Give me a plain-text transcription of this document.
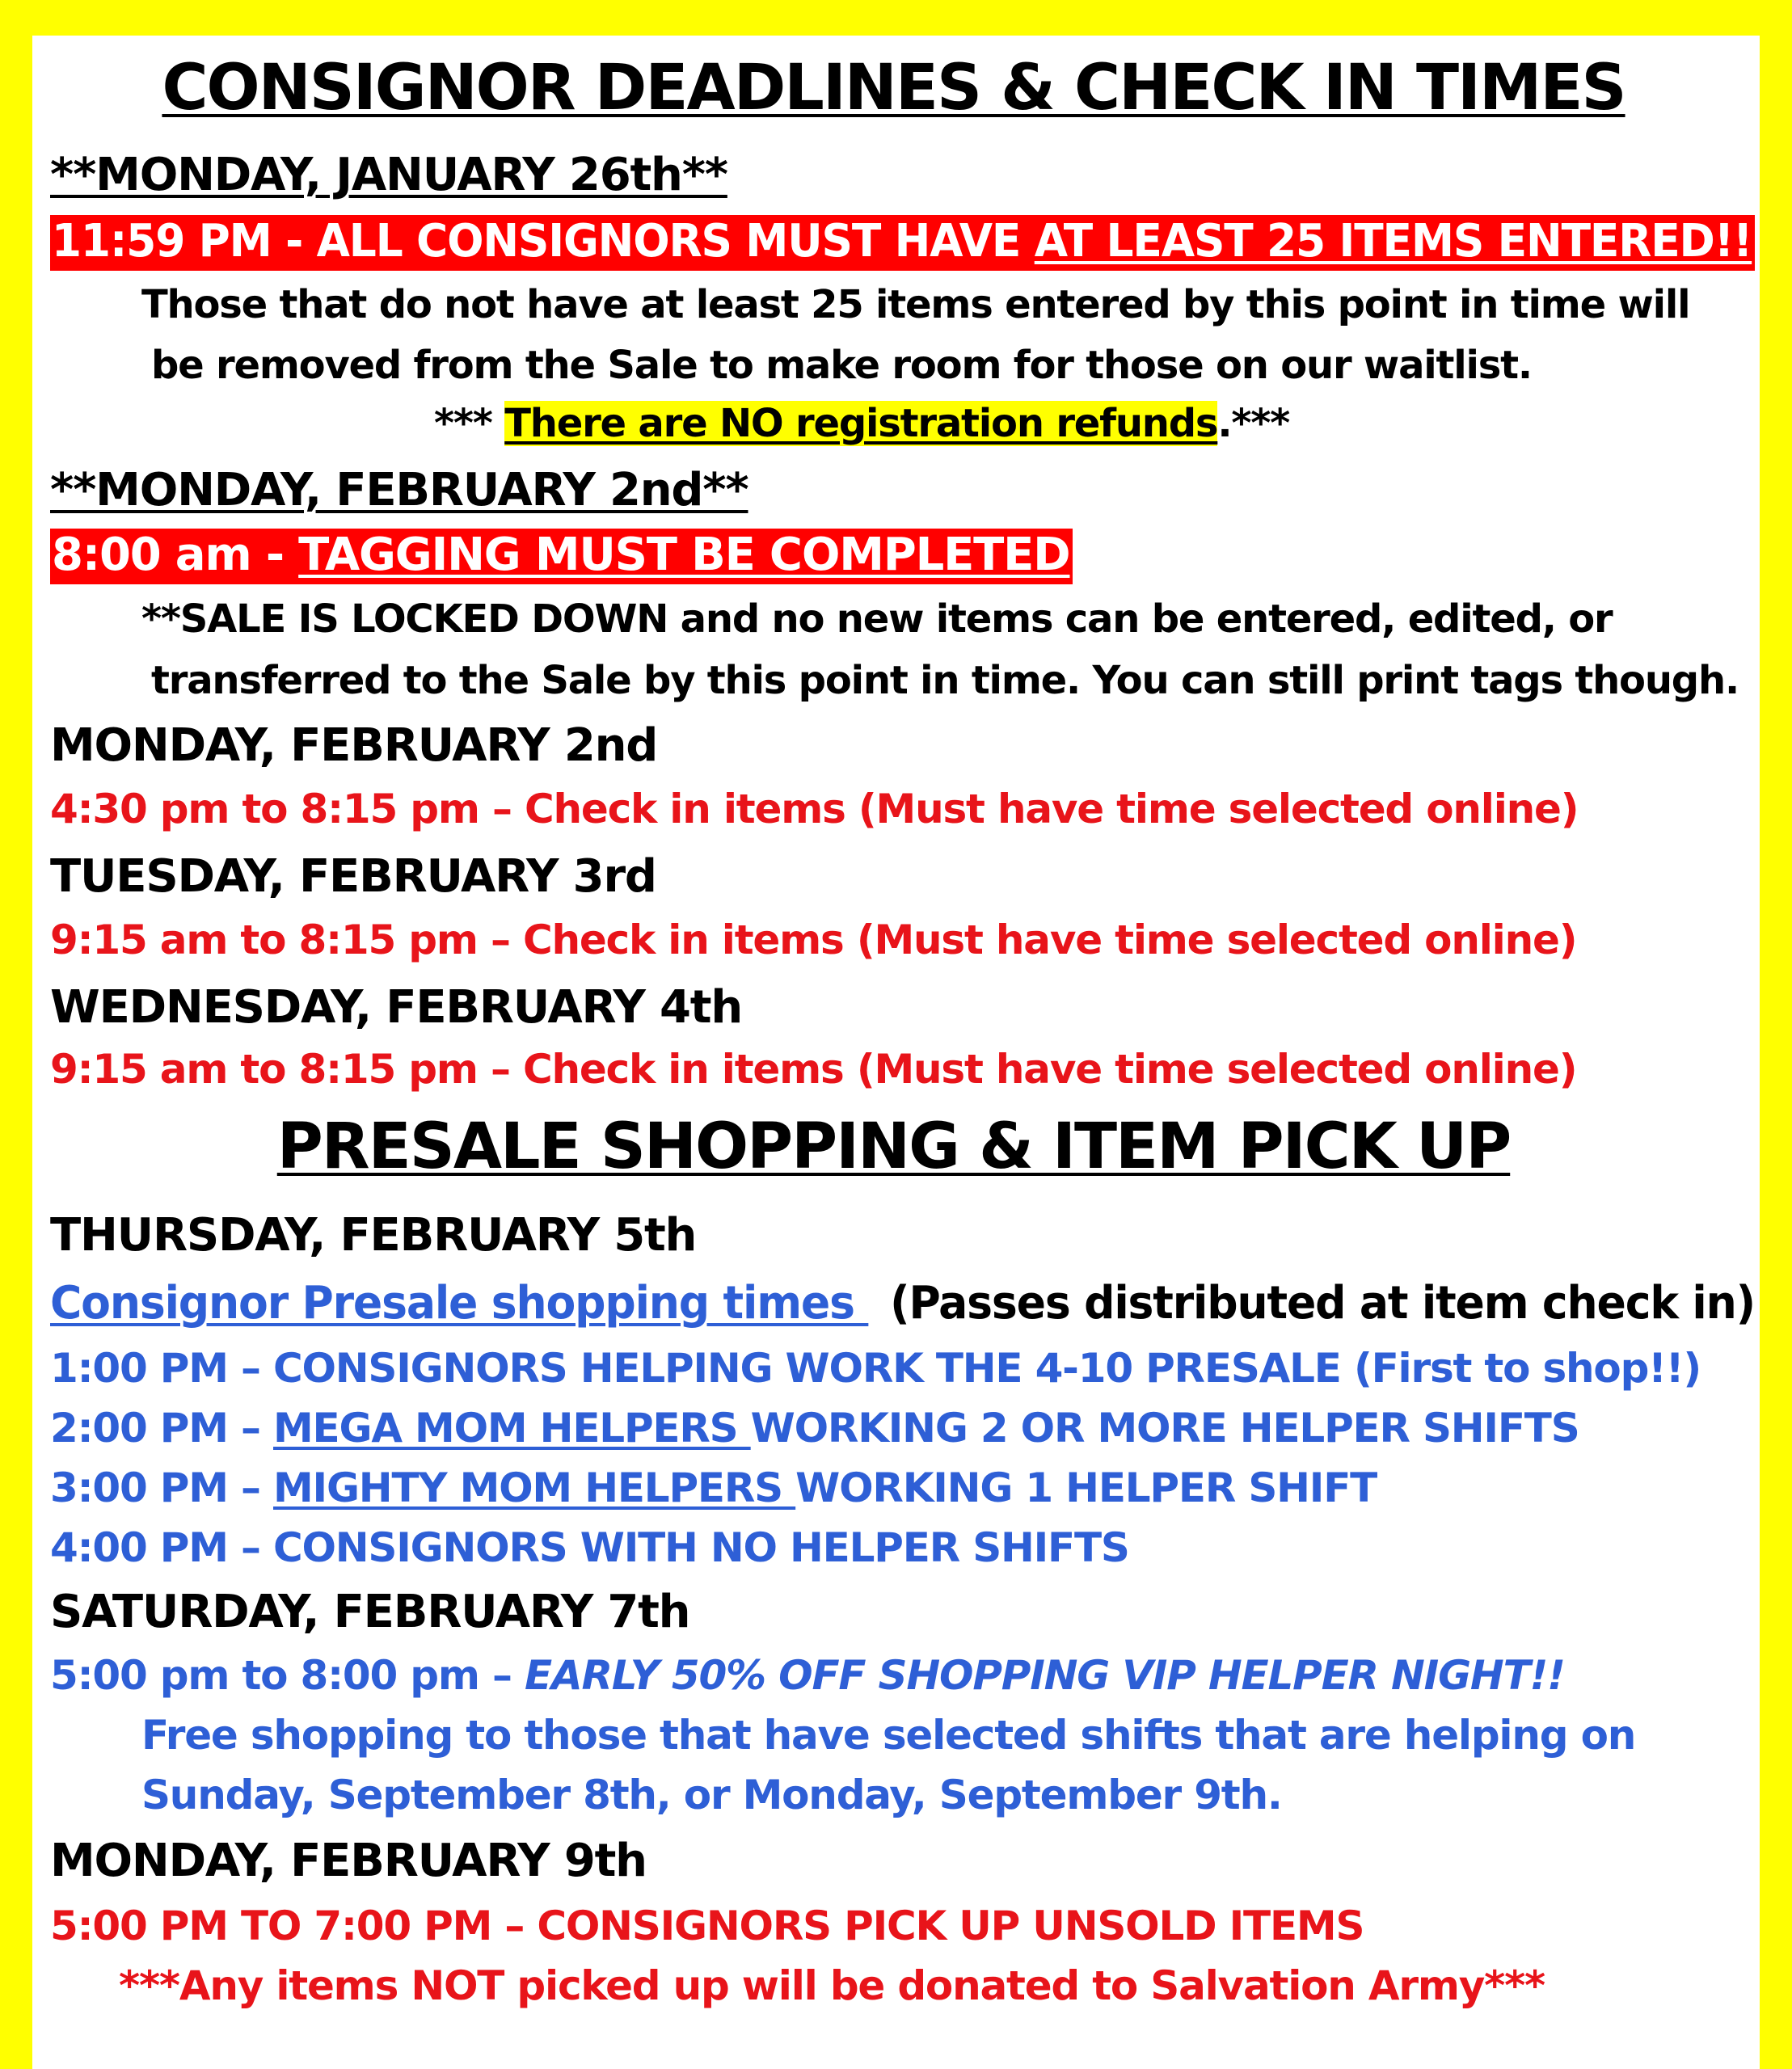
CONSIGNOR DEADLINES & CHECK IN TIMES
**MONDAY, JANUARY 26th**
11:59 PM - ALL CONSIGNORS MUST HAVE AT LEAST 25 ITEMS ENTERED!!
Those that do not have at least 25 items entered by this point in time will
be removed from the Sale to make room for those on our waitlist.
*** There are NO registration refunds.***
**MONDAY, FEBRUARY 2nd**
8:00 am - TAGGING MUST BE COMPLETED
**SALE IS LOCKED DOWN and no new items can be entered, edited, or
transferred to the Sale by this point in time. You can still print tags though.
MONDAY, FEBRUARY 2nd
4:30 pm to 8:15 pm – Check in items (Must have time selected online)
TUESDAY, FEBRUARY 3rd
9:15 am to 8:15 pm – Check in items (Must have time selected online)
WEDNESDAY, FEBRUARY 4th
9:15 am to 8:15 pm – Check in items (Must have time selected online)
PRESALE SHOPPING & ITEM PICK UP
THURSDAY, FEBRUARY 5th
Consignor Presale shopping times (Passes distributed at item check in)
1:00 PM – CONSIGNORS HELPING WORK THE 4-10 PRESALE (First to shop!!)
2:00 PM – MEGA MOM HELPERS WORKING 2 OR MORE HELPER SHIFTS
3:00 PM – MIGHTY MOM HELPERS WORKING 1 HELPER SHIFT
4:00 PM – CONSIGNORS WITH NO HELPER SHIFTS
SATURDAY, FEBRUARY 7th
5:00 pm to 8:00 pm – EARLY 50% OFF SHOPPING VIP HELPER NIGHT!!
Free shopping to those that have selected shifts that are helping on
Sunday, September 8th, or Monday, September 9th.
MONDAY, FEBRUARY 9th
5:00 PM TO 7:00 PM – CONSIGNORS PICK UP UNSOLD ITEMS
***Any items NOT picked up will be donated to Salvation Army***
